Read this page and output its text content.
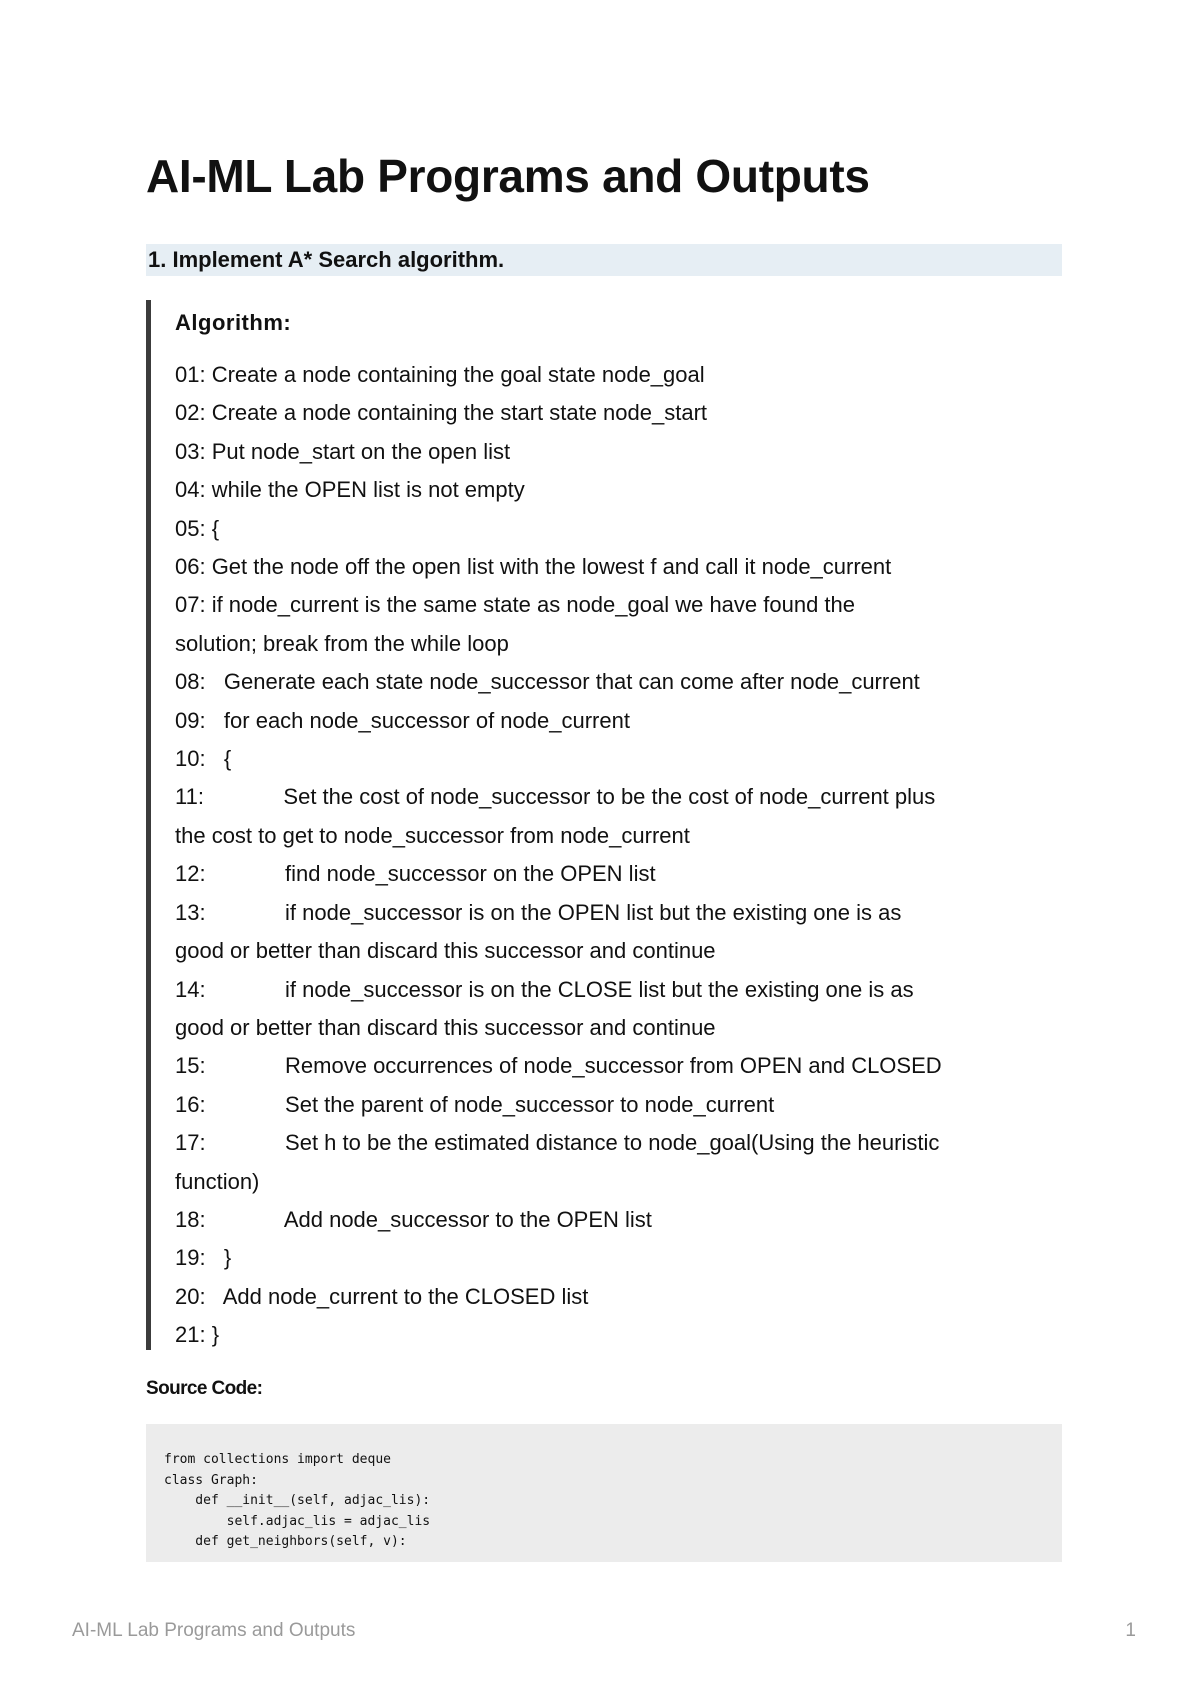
AI-ML Lab Programs and Outputs
1. Implement A* Search algorithm.
Algorithm:
01: Create a node containing the goal state node_goal
02: Create a node containing the start state node_start
03: Put node_start on the open list
04: while the OPEN list is not empty
05: {
06: Get the node off the open list with the lowest f and call it node_current
07: if node_current is the same state as node_goal we have found the
solution; break from the while loop
08:   Generate each state node_successor that can come after node_current
09:   for each node_successor of node_current
10:   {
11:             Set the cost of node_successor to be the cost of node_current plus
the cost to get to node_successor from node_current
12:             find node_successor on the OPEN list
13:             if node_successor is on the OPEN list but the existing one is as
good or better than discard this successor and continue
14:             if node_successor is on the CLOSE list but the existing one is as
good or better than discard this successor and continue
15:             Remove occurrences of node_successor from OPEN and CLOSED
16:             Set the parent of node_successor to node_current
17:             Set h to be the estimated distance to node_goal(Using the heuristic
function)
18:             Add node_successor to the OPEN list
19:   }
20:   Add node_current to the CLOSED list
21: }
Source Code:
from collections import deque
class Graph:
def __init__(self, adjac_lis):
self.adjac_lis = adjac_lis
def get_neighbors(self, v):
AI-ML Lab Programs and Outputs	1
